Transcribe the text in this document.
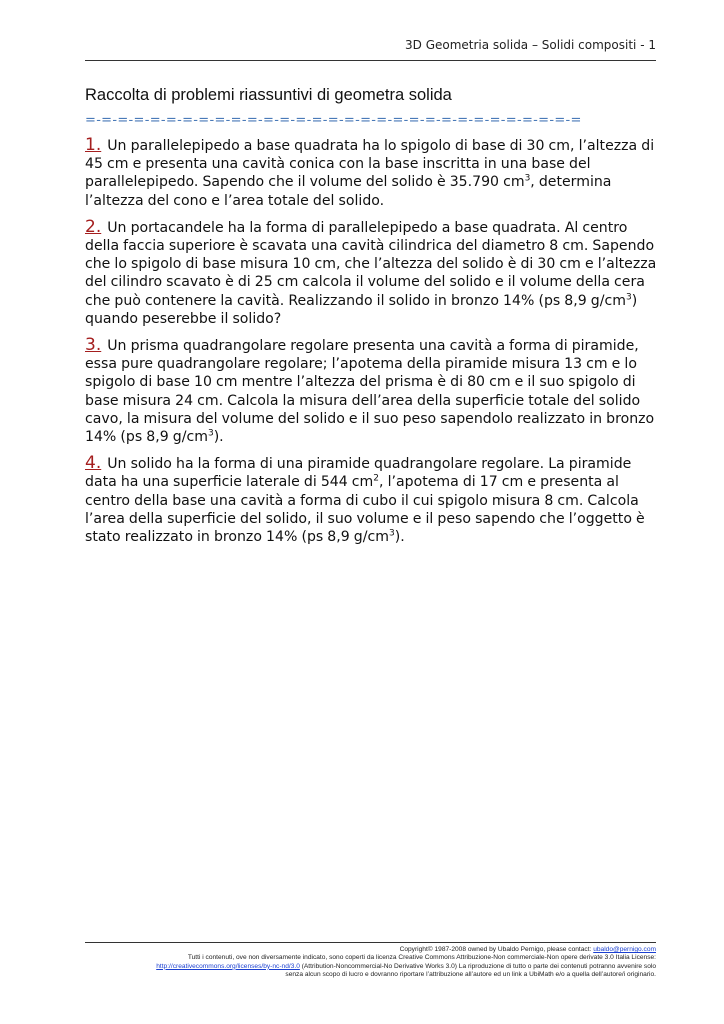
3D Geometria solida – Solidi compositi - 1
Raccolta di problemi riassuntivi di geometra solida
=-=-=-=-=-=-=-=-=-=-=-=-=-=-=-=-=-=-=-=-=-=-=-=-=-=-=-=-=-=-=

1. Un parallelepipedo a base quadrata ha lo spigolo di base di 30 cm, l’altezza di 45 cm e presenta una cavità conica con la base inscritta in una base del parallelepipedo. Sapendo che il volume del solido è 35.790 $cm^3$, determina l’altezza del cono e l’area totale del solido.

2. Un portacandele ha la forma di parallelepipedo a base quadrata. Al centro della faccia superiore è scavata una cavità cilindrica del diametro 8 cm. Sapendo che lo spigolo di base misura 10 cm, che l’altezza del solido è di 30 cm e l’altezza del cilindro scavato è di 25 cm calcola il volume del solido e il volume della cera che può contenere la cavità. Realizzando il solido in bronzo 14% (ps 8,9 $g/cm^3$) quando peserebbe il solido?

3. Un prisma quadrangolare regolare presenta una cavità a forma di piramide, essa pure quadrangolare regolare; l’apotema della piramide misura 13 cm e lo spigolo di base 10 cm mentre l’altezza del prisma è di 80 cm e il suo spigolo di base misura 24 cm. Calcola la misura dell’area della superficie totale del solido cavo, la misura del volume del solido e il suo peso sapendolo realizzato in bronzo 14% (ps 8,9 $g/cm^3$).

4. Un solido ha la forma di una piramide quadrangolare regolare. La piramide data ha una superficie laterale di 544 $cm^2$, l’apotema di 17 cm e presenta al centro della base una cavità a forma di cubo il cui spigolo misura 8 cm. Calcola l’area della superficie del solido, il suo volume e il peso sapendo che l’oggetto è stato realizzato in bronzo 14% (ps 8,9 $g/cm^3$).

Copyright© 1987-2008 owned by Ubaldo Pernigo, please contact: ubaldo@pernigo.com
Tutti i contenuti, ove non diversamente indicato, sono coperti da licenza Creative Commons Attribuzione-Non commerciale-Non opere derivate 3.0 Italia License:
http://creativecommons.org/licenses/by-nc-nd/3.0 (Attribution-Noncommercial-No Derivative Works 3.0) La riproduzione di tutto o parte dei contenuti potranno avvenire solo
senza alcun scopo di lucro e dovranno riportare l’attribuzione all’autore ed un link a UbiMath e/o a quella dell’autore/i originario.
